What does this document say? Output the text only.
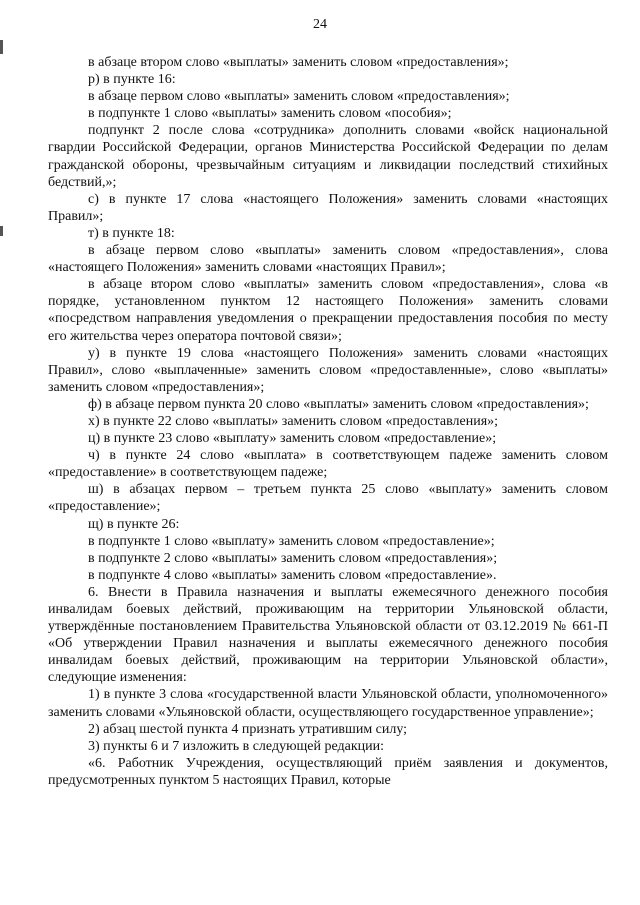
24

в абзаце втором слово «выплаты» заменить словом «предоставления»;

р) в пункте 16:

в абзаце первом слово «выплаты» заменить словом «предоставления»;

в подпункте 1 слово «выплаты» заменить словом «пособия»;

подпункт 2 после слова «сотрудника» дополнить словами «войск национальной гвардии Российской Федерации, органов Министерства Российской Федерации по делам гражданской обороны, чрезвычайным ситуациям и ликвидации последствий стихийных бедствий,»;

с) в пункте 17 слова «настоящего Положения» заменить словами «настоящих Правил»;

т) в пункте 18:

в абзаце первом слово «выплаты» заменить словом «предоставления», слова «настоящего Положения» заменить словами «настоящих Правил»;

в абзаце втором слово «выплаты» заменить словом «предоставления», слова «в порядке, установленном пунктом 12 настоящего Положения» заменить словами «посредством направления уведомления о прекращении предоставления пособия по месту его жительства через оператора почтовой связи»;

у) в пункте 19 слова «настоящего Положения» заменить словами «настоящих Правил», слово «выплаченные» заменить словом «предоставленные», слово «выплаты» заменить словом «предоставления»;

ф) в абзаце первом пункта 20 слово «выплаты» заменить словом «предоставления»;

х) в пункте 22 слово «выплаты» заменить словом «предоставления»;

ц) в пункте 23 слово «выплату» заменить словом «предоставление»;

ч) в пункте 24 слово «выплата» в соответствующем падеже заменить словом «предоставление» в соответствующем падеже;

ш) в абзацах первом – третьем пункта 25 слово «выплату» заменить словом «предоставление»;

щ) в пункте 26:

в подпункте 1 слово «выплату» заменить словом «предоставление»;

в подпункте 2 слово «выплаты» заменить словом «предоставления»;

в подпункте 4 слово «выплаты» заменить словом «предоставление».

6. Внести в Правила назначения и выплаты ежемесячного денежного пособия инвалидам боевых действий, проживающим на территории Ульяновской области, утверждённые постановлением Правительства Ульяновской области от 03.12.2019 № 661-П «Об утверждении Правил назначения и выплаты ежемесячного денежного пособия инвалидам боевых действий, проживающим на территории Ульяновской области», следующие изменения:

1) в пункте 3 слова «государственной власти Ульяновской области, уполномоченного» заменить словами «Ульяновской области, осуществляющего государственное управление»;

2) абзац шестой пункта 4 признать утратившим силу;

3) пункты 6 и 7 изложить в следующей редакции:

«6. Работник Учреждения, осуществляющий приём заявления и документов, предусмотренных пунктом 5 настоящих Правил, которые
